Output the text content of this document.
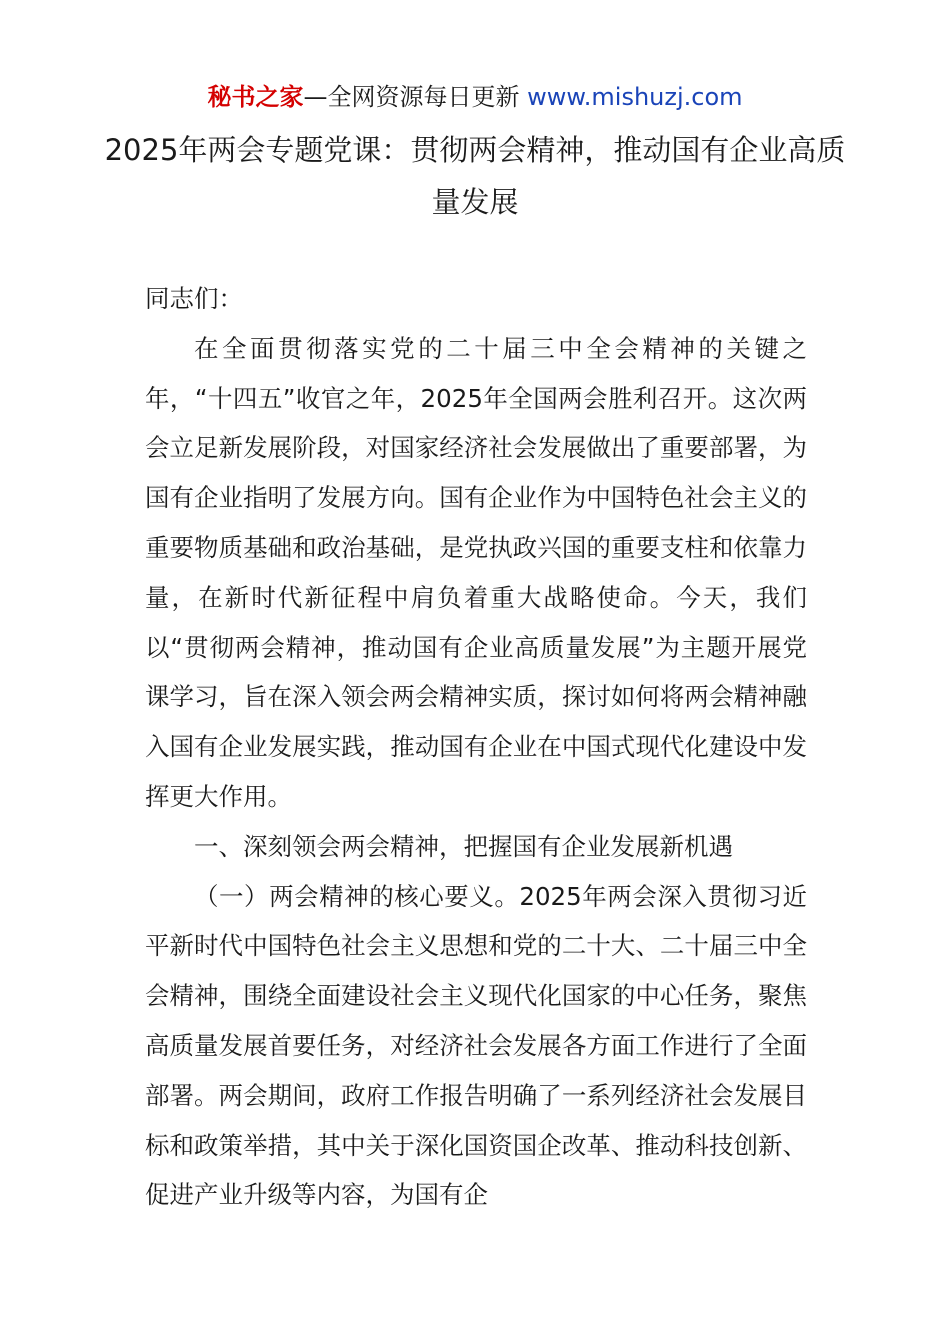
秘书之家—全网资源每日更新 www.mishuzj.com
2025年两会专题党课：贯彻两会精神，推动国有企业高质量发展

同志们：

在全面贯彻落实党的二十届三中全会精神的关键之年，“十四五”收官之年，2025年全国两会胜利召开。这次两会立足新发展阶段，对国家经济社会发展做出了重要部署，为国有企业指明了发展方向。国有企业作为中国特色社会主义的重要物质基础和政治基础，是党执政兴国的重要支柱和依靠力量，在新时代新征程中肩负着重大战略使命。今天，我们以“贯彻两会精神，推动国有企业高质量发展”为主题开展党课学习，旨在深入领会两会精神实质，探讨如何将两会精神融入国有企业发展实践，推动国有企业在中国式现代化建设中发挥更大作用。

一、深刻领会两会精神，把握国有企业发展新机遇

（一）两会精神的核心要义。2025年两会深入贯彻习近平新时代中国特色社会主义思想和党的二十大、二十届三中全会精神，围绕全面建设社会主义现代化国家的中心任务，聚焦高质量发展首要任务，对经济社会发展各方面工作进行了全面部署。两会期间，政府工作报告明确了一系列经济社会发展目标和政策举措，其中关于深化国资国企改革、推动科技创新、促进产业升级等内容，为国有企
